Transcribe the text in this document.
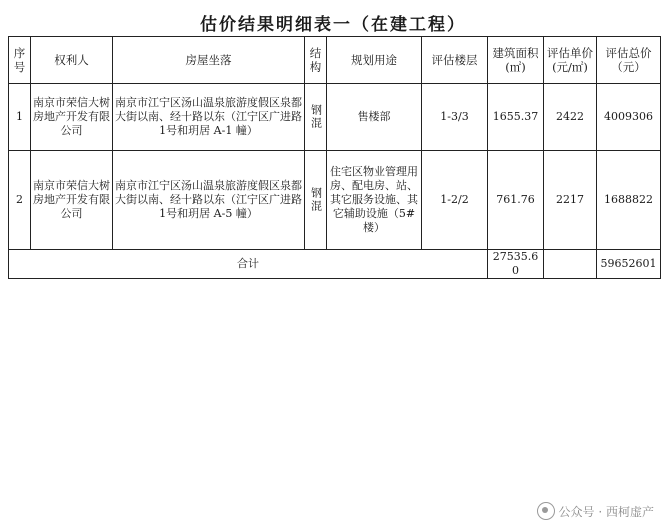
估价结果明细表一（在建工程）
序号	权利人	房屋坐落	结构	规划用途	评估楼层	建筑面积(㎡)	评估单价(元/㎡)	评估总价（元）
1	南京市荣信大树房地产开发有限公司	南京市江宁区汤山温泉旅游度假区泉都大街以南、经十路以东（江宁区广进路1号和玥居 A-1 幢）	钢混	售楼部	1-3/3	1655.37	2422	4009306
2	南京市荣信大树房地产开发有限公司	南京市江宁区汤山温泉旅游度假区泉都大街以南、经十路以东（江宁区广进路1号和玥居 A-5 幢）	钢混	住宅区物业管理用房、配电房、站、其它服务设施、其它辅助设施（5#楼）	1-2/2	761.76	2217	1688822
合计						27535.60		59652601
公众号 · 西柯虚产
